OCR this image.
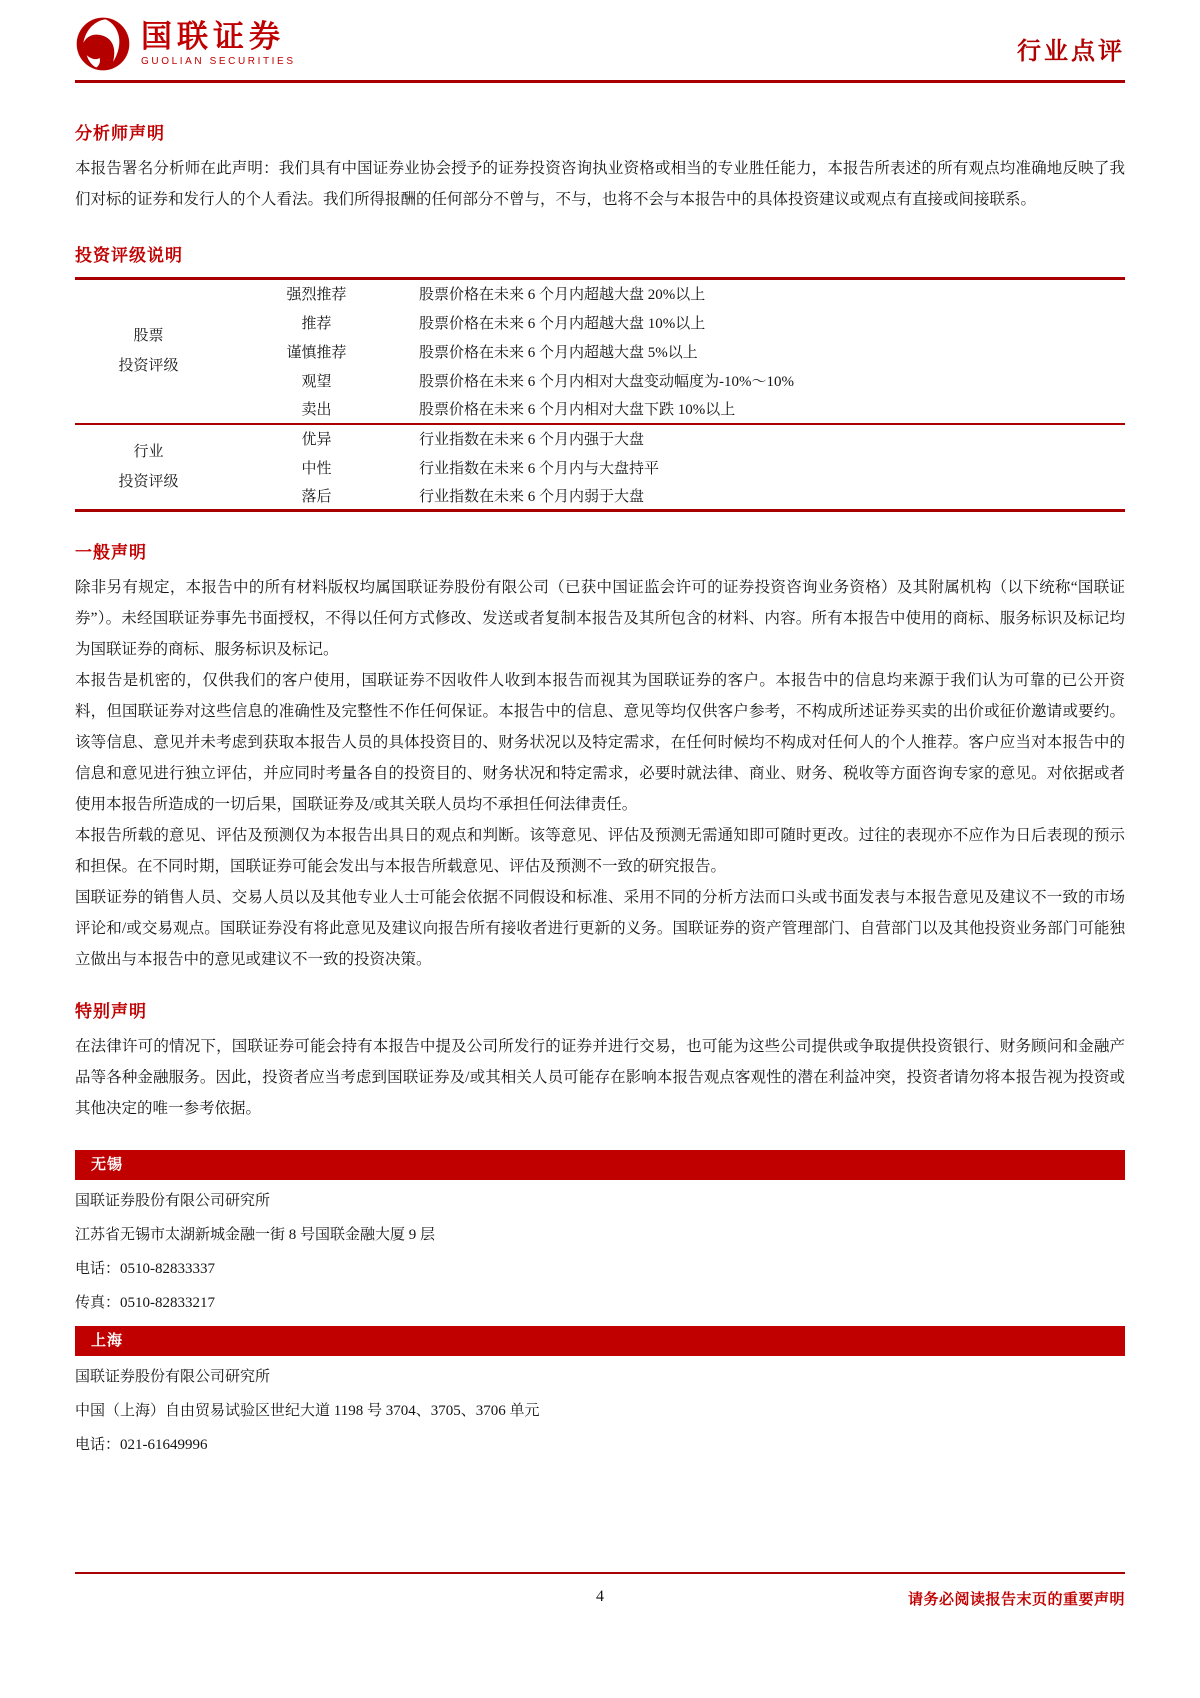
国联证券
GUOLIAN SECURITIES	行业点评
分析师声明
本报告署名分析师在此声明：我们具有中国证券业协会授予的证券投资咨询执业资格或相当的专业胜任能力，本报告所表述的所有观点均准确地反映了我们对标的证券和发行人的个人看法。我们所得报酬的任何部分不曾与，不与，也将不会与本报告中的具体投资建议或观点有直接或间接联系。
投资评级说明
股票
投资评级	强烈推荐	股票价格在未来 6 个月内超越大盘 20%以上
	推荐	股票价格在未来 6 个月内超越大盘 10%以上
	谨慎推荐	股票价格在未来 6 个月内超越大盘 5%以上
	观望	股票价格在未来 6 个月内相对大盘变动幅度为-10%～10%
	卖出	股票价格在未来 6 个月内相对大盘下跌 10%以上
行业
投资评级	优异	行业指数在未来 6 个月内强于大盘
	中性	行业指数在未来 6 个月内与大盘持平
	落后	行业指数在未来 6 个月内弱于大盘
一般声明

除非另有规定，本报告中的所有材料版权均属国联证券股份有限公司（已获中国证监会许可的证券投资咨询业务资格）及其附属机构（以下统称“国联证券”）。未经国联证券事先书面授权，不得以任何方式修改、发送或者复制本报告及其所包含的材料、内容。所有本报告中使用的商标、服务标识及标记均为国联证券的商标、服务标识及标记。

本报告是机密的，仅供我们的客户使用，国联证券不因收件人收到本报告而视其为国联证券的客户。本报告中的信息均来源于我们认为可靠的已公开资料，但国联证券对这些信息的准确性及完整性不作任何保证。本报告中的信息、意见等均仅供客户参考，不构成所述证券买卖的出价或征价邀请或要约。该等信息、意见并未考虑到获取本报告人员的具体投资目的、财务状况以及特定需求，在任何时候均不构成对任何人的个人推荐。客户应当对本报告中的信息和意见进行独立评估，并应同时考量各自的投资目的、财务状况和特定需求，必要时就法律、商业、财务、税收等方面咨询专家的意见。对依据或者使用本报告所造成的一切后果，国联证券及/或其关联人员均不承担任何法律责任。

本报告所载的意见、评估及预测仅为本报告出具日的观点和判断。该等意见、评估及预测无需通知即可随时更改。过往的表现亦不应作为日后表现的预示和担保。在不同时期，国联证券可能会发出与本报告所载意见、评估及预测不一致的研究报告。

国联证券的销售人员、交易人员以及其他专业人士可能会依据不同假设和标准、采用不同的分析方法而口头或书面发表与本报告意见及建议不一致的市场评论和/或交易观点。国联证券没有将此意见及建议向报告所有接收者进行更新的义务。国联证券的资产管理部门、自营部门以及其他投资业务部门可能独立做出与本报告中的意见或建议不一致的投资决策。

特别声明
在法律许可的情况下，国联证券可能会持有本报告中提及公司所发行的证券并进行交易，也可能为这些公司提供或争取提供投资银行、财务顾问和金融产品等各种金融服务。因此，投资者应当考虑到国联证券及/或其相关人员可能存在影响本报告观点客观性的潜在利益冲突，投资者请勿将本报告视为投资或其他决定的唯一参考依据。
无锡
国联证券股份有限公司研究所
江苏省无锡市太湖新城金融一街 8 号国联金融大厦 9 层
电话：0510-82833337
传真：0510-82833217
上海
国联证券股份有限公司研究所
中国（上海）自由贸易试验区世纪大道 1198 号 3704、3705、3706 单元
电话：021-61649996
4	请务必阅读报告末页的重要声明
